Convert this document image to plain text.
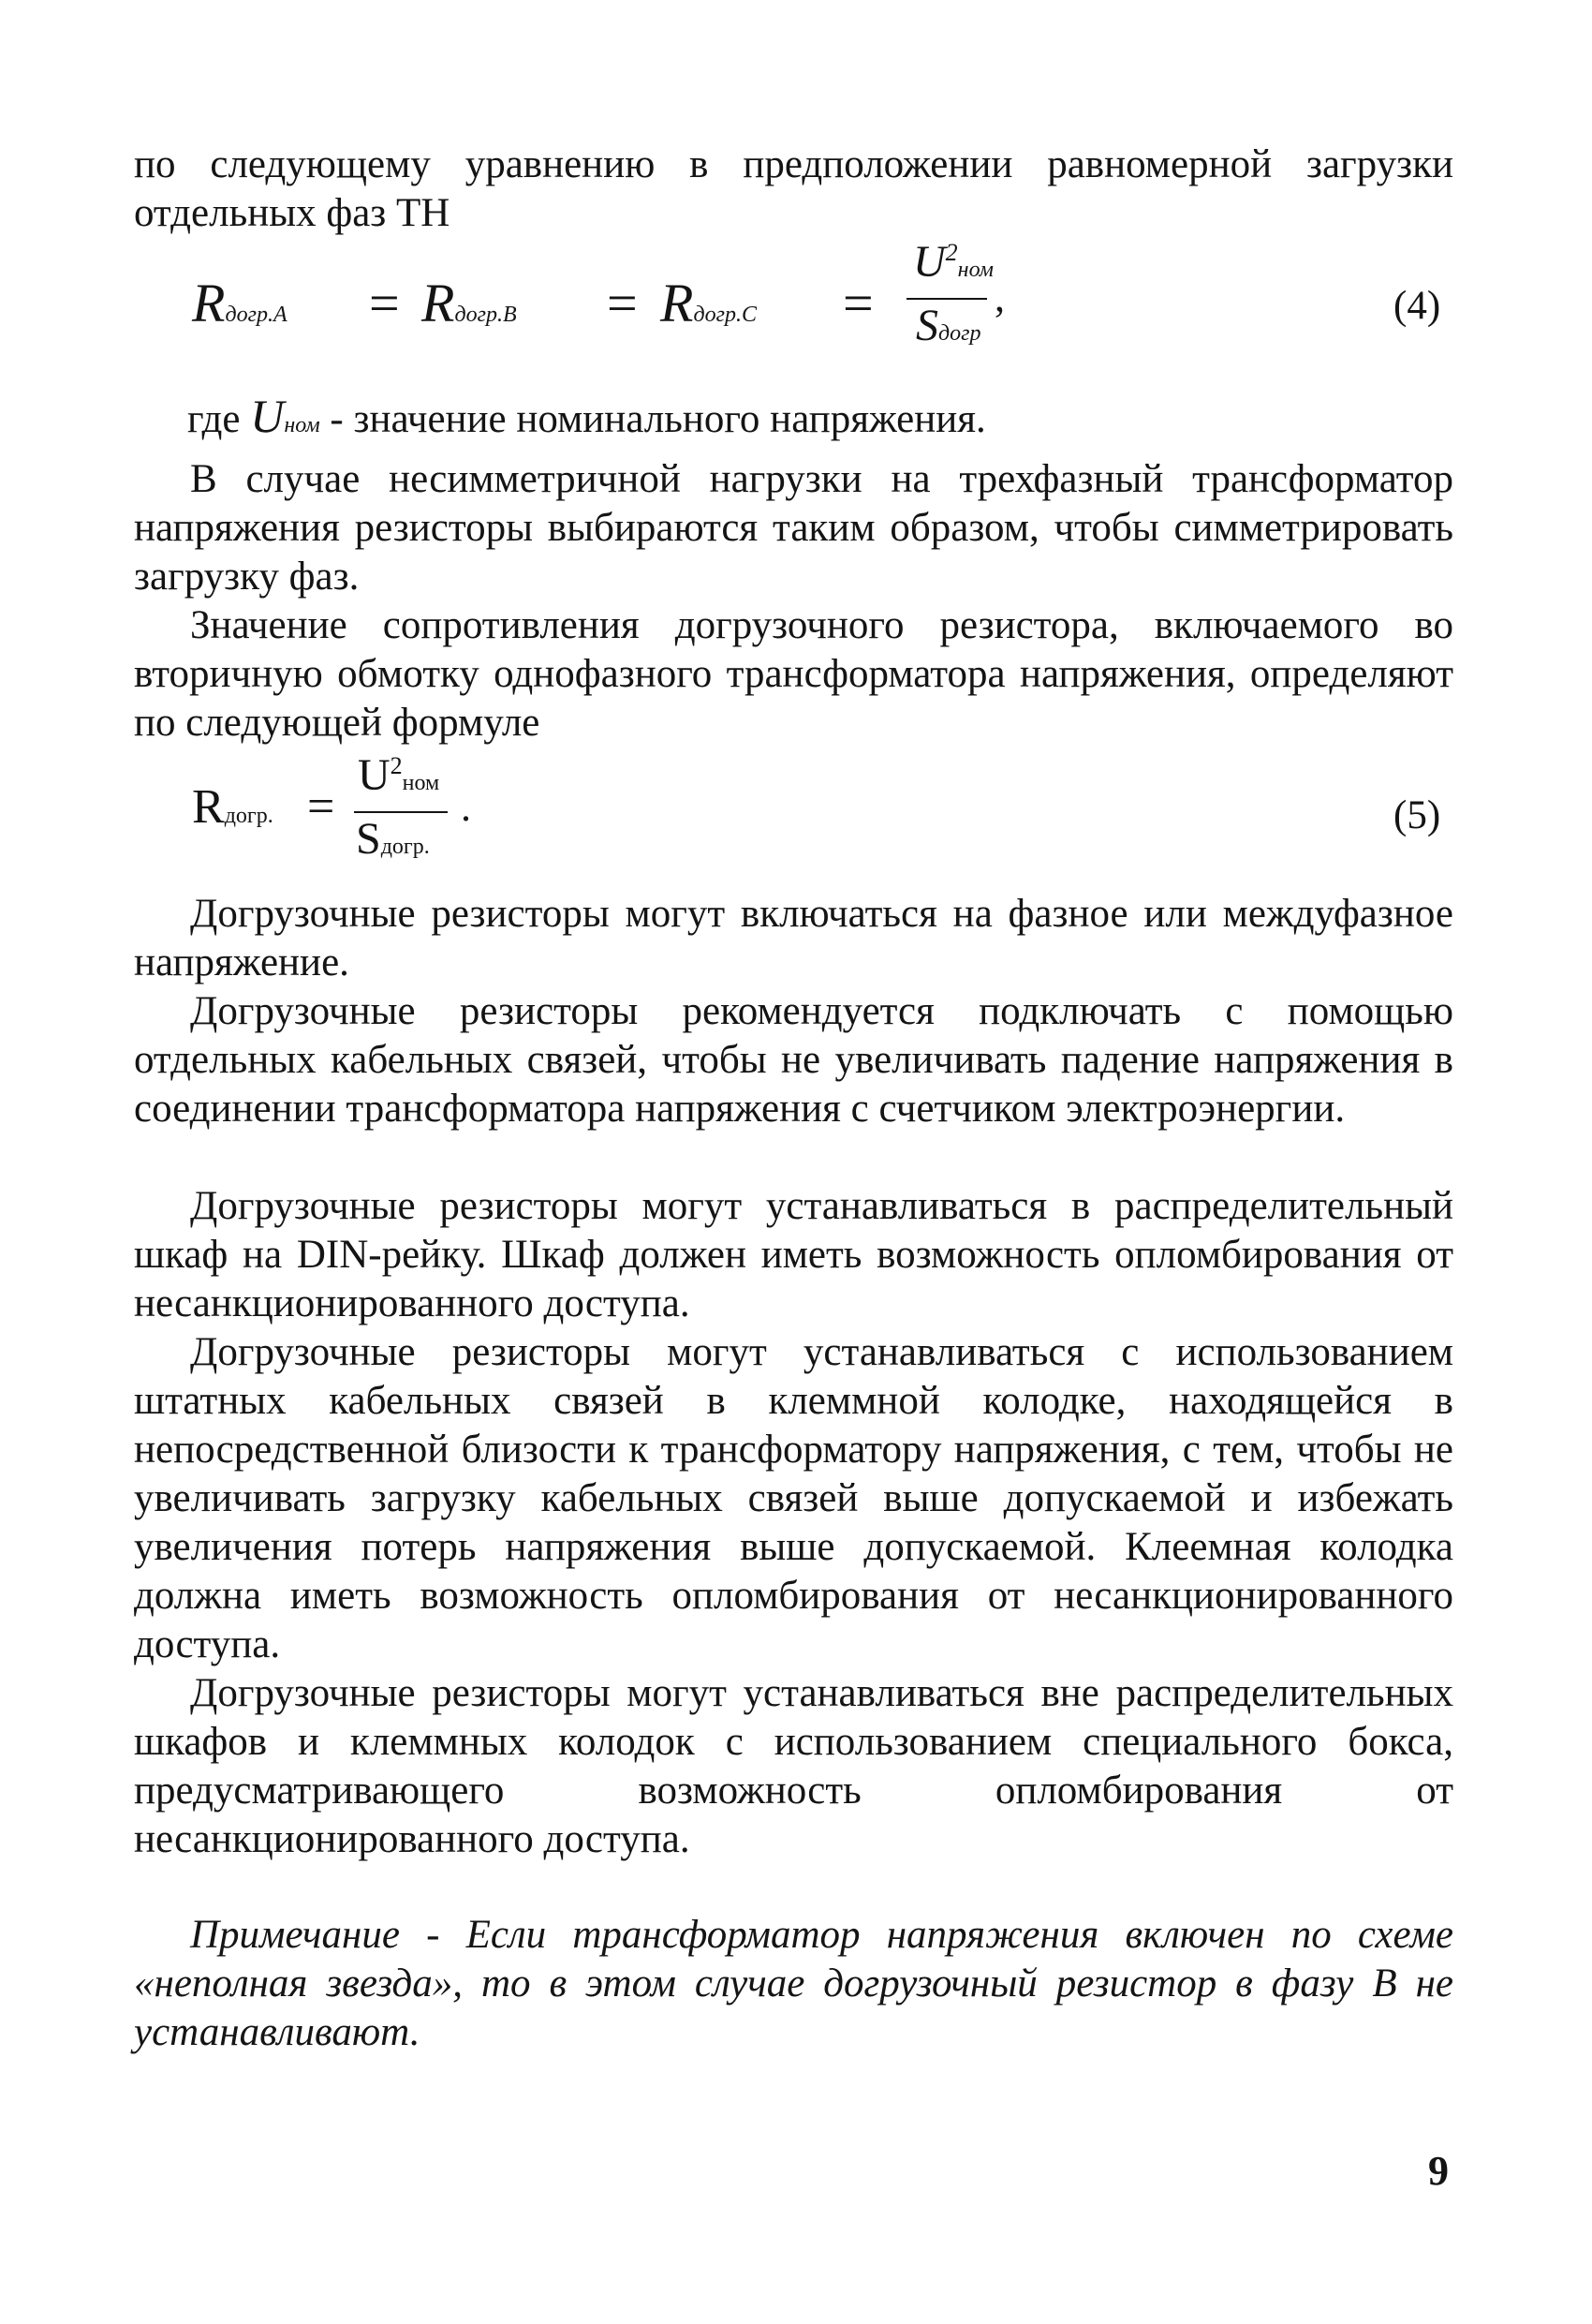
по следующему уравнению в предположении равномерной загрузки

отдельных фаз ТН

Rдогр.A = Rдогр.B = Rдогр.C =
$U^2ном$
Sдогр
,	(4)
где Uном - значение номинального напряжения.

В случае несимметричной нагрузки на трехфазный трансформатор напряжения резисторы выбираются таким образом, чтобы симметрировать загрузку фаз.

Значение сопротивления догрузочного резистора, включаемого во вторичную обмотку однофазного трансформатора напряжения, определяют по следующей формуле

Rдогр. =
$U^2ном$
Sдогр.
.	(5)

Догрузочные резисторы могут включаться на фазное или междуфазное напряжение.

Догрузочные резисторы рекомендуется подключать с помощью отдельных кабельных связей, чтобы не увеличивать падение напряжения в соединении трансформатора напряжения с счетчиком электроэнергии.

Догрузочные резисторы могут устанавливаться в распределительный шкаф на DIN-рейку. Шкаф должен иметь возможность опломбирования от несанкционированного доступа.

Догрузочные резисторы могут устанавливаться с использованием штатных кабельных связей в клеммной колодке, находящейся в непосредственной близости к трансформатору напряжения, с тем, чтобы не увеличивать загрузку кабельных связей выше допускаемой и избежать увеличения потерь напряжения выше допускаемой. Клеемная колодка должна иметь возможность опломбирования от несанкционированного доступа.

Догрузочные резисторы могут устанавливаться вне распределительных шкафов и клеммных колодок с использованием специального бокса, предусматривающего возможность опломбирования от несанкционированного доступа.

Примечание - Если трансформатор напряжения включен по схеме «неполная звезда», то в этом случае догрузочный резистор в фазу В не устанавливают.

9
